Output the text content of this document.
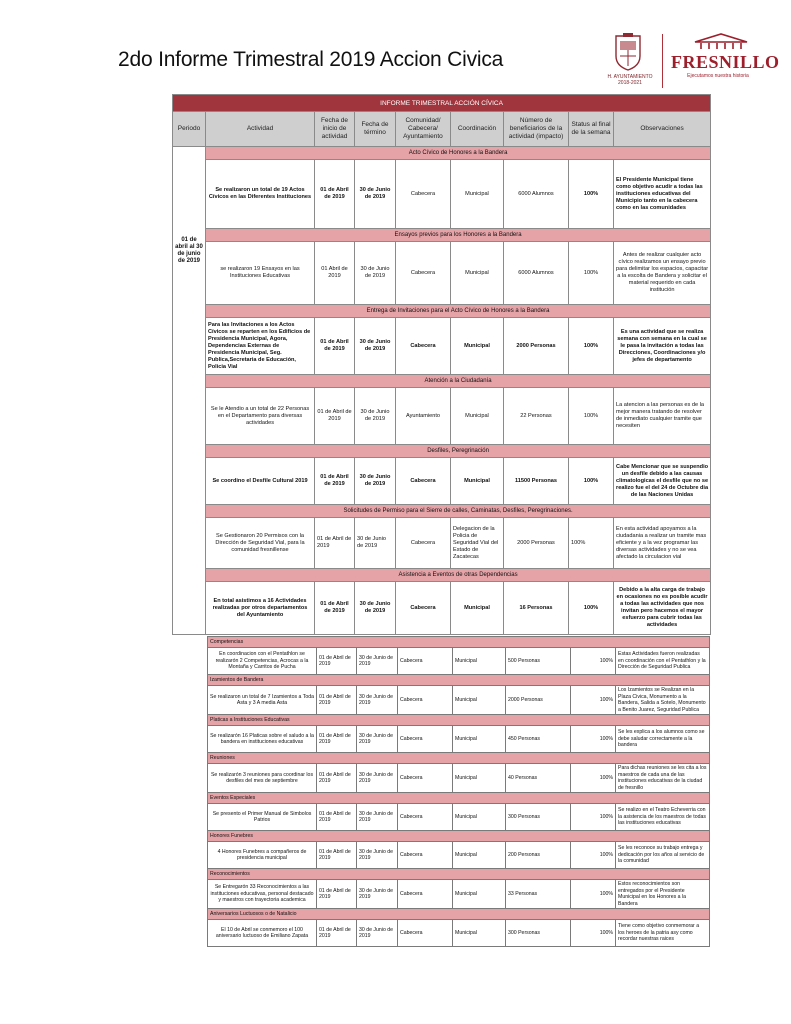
2do Informe Trimestral 2019 Accion Civica
H. AYUNTAMIENTO
2018-2021
FRESNILLO
Ejecutamos nuestra historia
INFORME TRIMESTRAL ACCIÓN CÍVICA								
Periodo	Actividad	Fecha de inicio de actividad	Fecha de término	Comunidad/ Cabecera/ Ayuntamiento	Coordinación	Número de beneficiarios de la actividad (impacto)	Status al final de la semana	Observaciones
01 de abril al 30 de junio de 2019	Acto Cívico de Honores a la Bandera							
	Se realizaron un total de 19 Actos Cívicos en las Diferentes Instituciones	01 de Abril de 2019	30 de Junio de 2019	Cabecera	Municipal	6000 Alumnos	100%	El Presidente Municipal tiene como objetivo acudir a todas las instituciones educativas del Municipio tanto en la cabecera como en las comunidades
	Ensayos previos para los Honores a la Bandera							
	se realizaron 19 Ensayos en las Instituciones Educativas	01 Abril de 2019	30 de Junio de 2019	Cabecera	Municipal	6000 Alumnos	100%	Antes de realizar cualquier acto cívico realizamos un ensayo previo para delimitar los espacios, capacitar a la escolta de Bandera y solicitar el material requerido en cada institución
	Entrega de Invitaciones para el Acto Cívico de Honores a la Bandera							
	Para las Invitaciones a los Actos Cívicos se reparten en los Edificios de Presidencia Municipal, Agora, Dependencias Externas de Presidencia Municipal, Seg. Publica,Secretaria de Educación, Policia Vial	01 de Abril de 2019	30 de Junio de 2019	Cabecera	Municipal	2000 Personas	100%	Es una actividad que se realiza semana con semana en la cual se le pasa la invitación a todas las Direcciones, Coordinaciones y/o jefes de departamento
	Atención a la Ciudadanía							
	Se le Atendio a un total de 22 Personas en el Departamento para diversas actividades	01 de Abril de 2019	30 de Junio de 2019	Ayuntamiento	Municipal	22 Personas	100%	La atencion a las personas es de la mejor manera tratando de resolver de inmediato cualquier tramite que necesiten
	Desfiles, Peregrinación							
	Se coordino el Desfile Cultural 2019	01 de Abril de 2019	30 de Junio de 2019	Cabecera	Municipal	11500 Personas	100%	Cabe Mencionar que se suspendio un desfile debido a las causas climatologicas el desfile que no se realizo fue el del 24 de Octubre dia de las Naciones Unidas
	Solicitudes de Permiso para el Sierre de calles, Caminatas, Desfiles, Peregrinaciones.							
	Se Gestionaron 20 Permisos con la Dirección de Seguridad Vial, para la comunidad fresnillense	01 de Abril de 2019	30 de Junio de 2019	Cabecera	Delegacion de la Policia de Seguridad Vial del Estado de Zacatecas	2000 Personas	100%	En esta actividad apoyamos a la ciudadania a realizar un tramite mas eficiente y a la vez programar las diversas actividades y no se vea afectado la circulacion vial
	Asistencia a Eventos de otras Dependencias							
	En total asistimos a 16 Actividades realizadas por otros departamentos del Ayuntamiento	01 de Abril de 2019	30 de Junio de 2019	Cabecera	Municipal	16 Personas	100%	Debido a la alta carga de trabajo en ocasiones no es posible acudir a todas las actividades que nos invitan pero hacemos el mayor esfuerzo para cubrir todas las actividades
Competencias							
En coordinacion con el Pentathlon se realizarón 2 Competencias, Acrocas a la Montaña y Carritos de Pucha	01 de Abril de 2019	30 de Junio de 2019	Cabecera	Municipal	500 Personas	100%	Estas Actividades fueron realizadas en coordinación con el Pentathlon y la Dirección de Seguridad Publica
Izamientos de Bandera							
Se realizaron un total de 7 Izamientos a Toda Asta y 3 A media Asta	01 de Abril de 2019	30 de Junio de 2019	Cabecera	Municipal	2000 Personas	100%	Los Izamientos se Realizan en la Plaza Civica, Monumento a la Bandera, Salida a Sotelo, Monumento a Benito Juarez, Seguridad Publica
Platicas a Instituciones Educativas							
Se realizarón 16 Platicas sobre el saludo a la bandera en instituciones educativas	01 de Abril de 2019	30 de Junio de 2019	Cabecera	Municipal	450 Personas	100%	Se les explica a los alumnos como se debe saludar correctamente a la bandera
Reuniones							
Se realizarón 3 reuniones para coordinar los desfiles del mes de septiembre	01 de Abril de 2019	30 de Junio de 2019	Cabecera	Municipal	40 Personas	100%	Para dichas reuniones se les cita a los maestros de cada una de las instituciones educativas de la ciudad de fresnillo
Eventos Especiales							
Se presento el Primer Manual de Simbolos Patrios	01 de Abril de 2019	30 de Junio de 2019	Cabecera	Municipal	300 Personas	100%	Se realizo en el Teatro Echeverria con la asistencia de los maestros de todas las instituciones educativas
Honores Funebres							
4 Honores Funebres a compañeros de presidencia municipal	01 de Abril de 2019	30 de Junio de 2019	Cabecera	Municipal	200 Personas	100%	Se les reconoce su trabajo entrega y dedicación por los años al servicio de la comunidad
Reconocimientos							
Se Entregarón 33 Reconocimientos a las instituciones educativas, personal destacado y maestros con trayectoria academica	01 de Abril de 2019	30 de Junio de 2019	Cabecera	Municipal	33 Personas	100%	Estos reconocimientos son entregados por el Presidente Municipal en los Honores a la Bandera
Aniversarios Luctuosos o de Natalicio							
El 10 de Abril se conmemoro el 100 aniversario luctuoso de Emiliano Zapata	01 de Abril de 2019	30 de Junio de 2019	Cabecera	Municipal	300 Personas	100%	Tiene como objetivo conmemorar a los heroes de la patria asy como recordar nuestras raices
